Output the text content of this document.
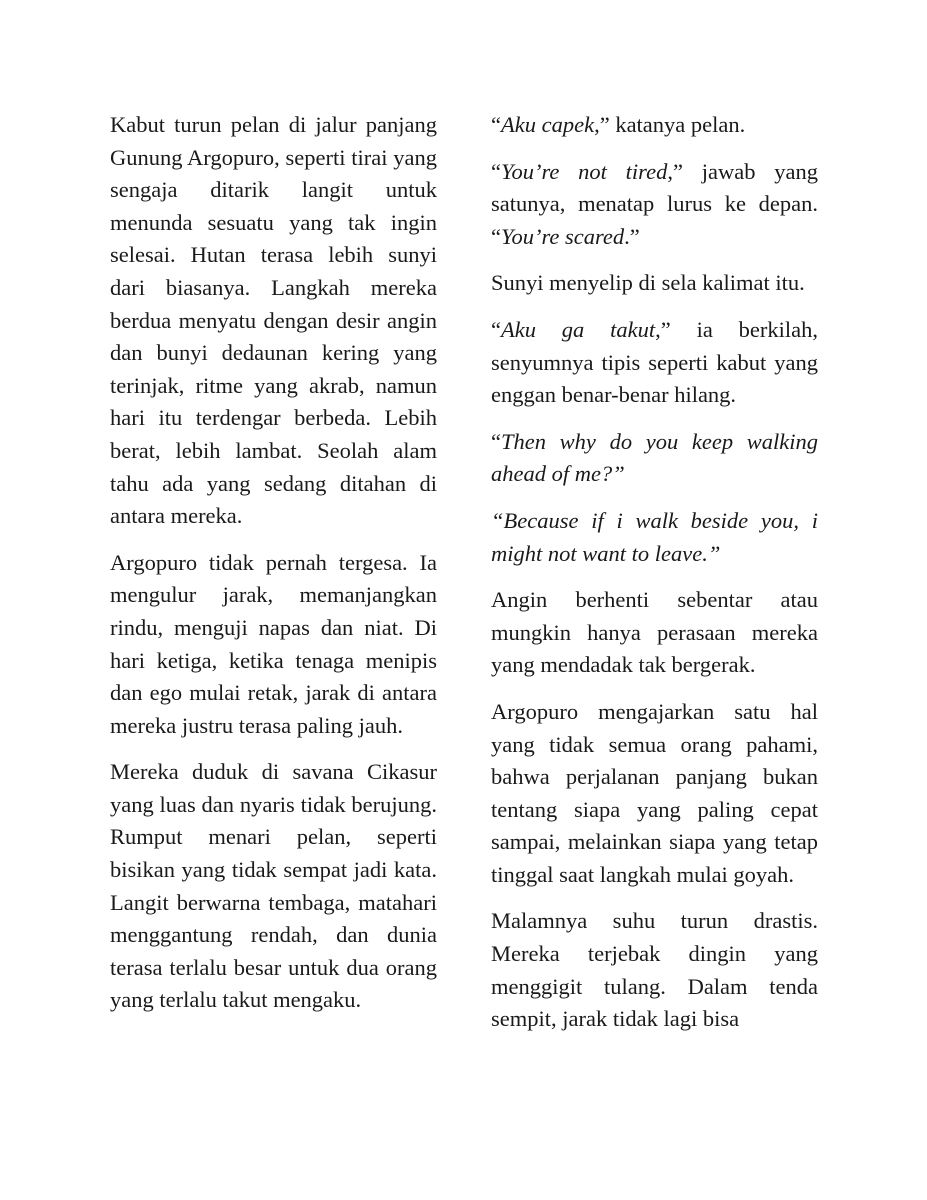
Kabut turun pelan di jalur panjang Gunung Argopuro, seperti tirai yang sengaja ditarik langit untuk menunda sesuatu yang tak ingin selesai. Hutan terasa lebih sunyi dari biasanya. Langkah mereka berdua menyatu dengan desir angin dan bunyi dedaunan kering yang terinjak, ritme yang akrab, namun hari itu terdengar berbeda. Lebih berat, lebih lambat. Seolah alam tahu ada yang sedang ditahan di antara mereka.

Argopuro tidak pernah tergesa. Ia mengulur jarak, memanjangkan rindu, menguji napas dan niat. Di hari ketiga, ketika tenaga menipis dan ego mulai retak, jarak di antara mereka justru terasa paling jauh.

Mereka duduk di savana Cikasur yang luas dan nyaris tidak berujung. Rumput menari pelan, seperti bisikan yang tidak sempat jadi kata. Langit berwarna tembaga, matahari menggantung rendah, dan dunia terasa terlalu besar untuk dua orang yang terlalu takut mengaku.

“Aku capek,” katanya pelan.

“You’re not tired,” jawab yang satunya, menatap lurus ke depan. “You’re scared.”

Sunyi menyelip di sela kalimat itu.

“Aku ga takut,” ia berkilah, senyumnya tipis seperti kabut yang enggan benar-benar hilang.

“Then why do you keep walking ahead of me?”

“Because if i walk beside you, i might not want to leave.”

Angin berhenti sebentar atau mungkin hanya perasaan mereka yang mendadak tak bergerak.

Argopuro mengajarkan satu hal yang tidak semua orang pahami, bahwa perjalanan panjang bukan tentang siapa yang paling cepat sampai, melainkan siapa yang tetap tinggal saat langkah mulai goyah.

Malamnya suhu turun drastis. Mereka terjebak dingin yang menggigit tulang. Dalam tenda sempit, jarak tidak lagi bisa
